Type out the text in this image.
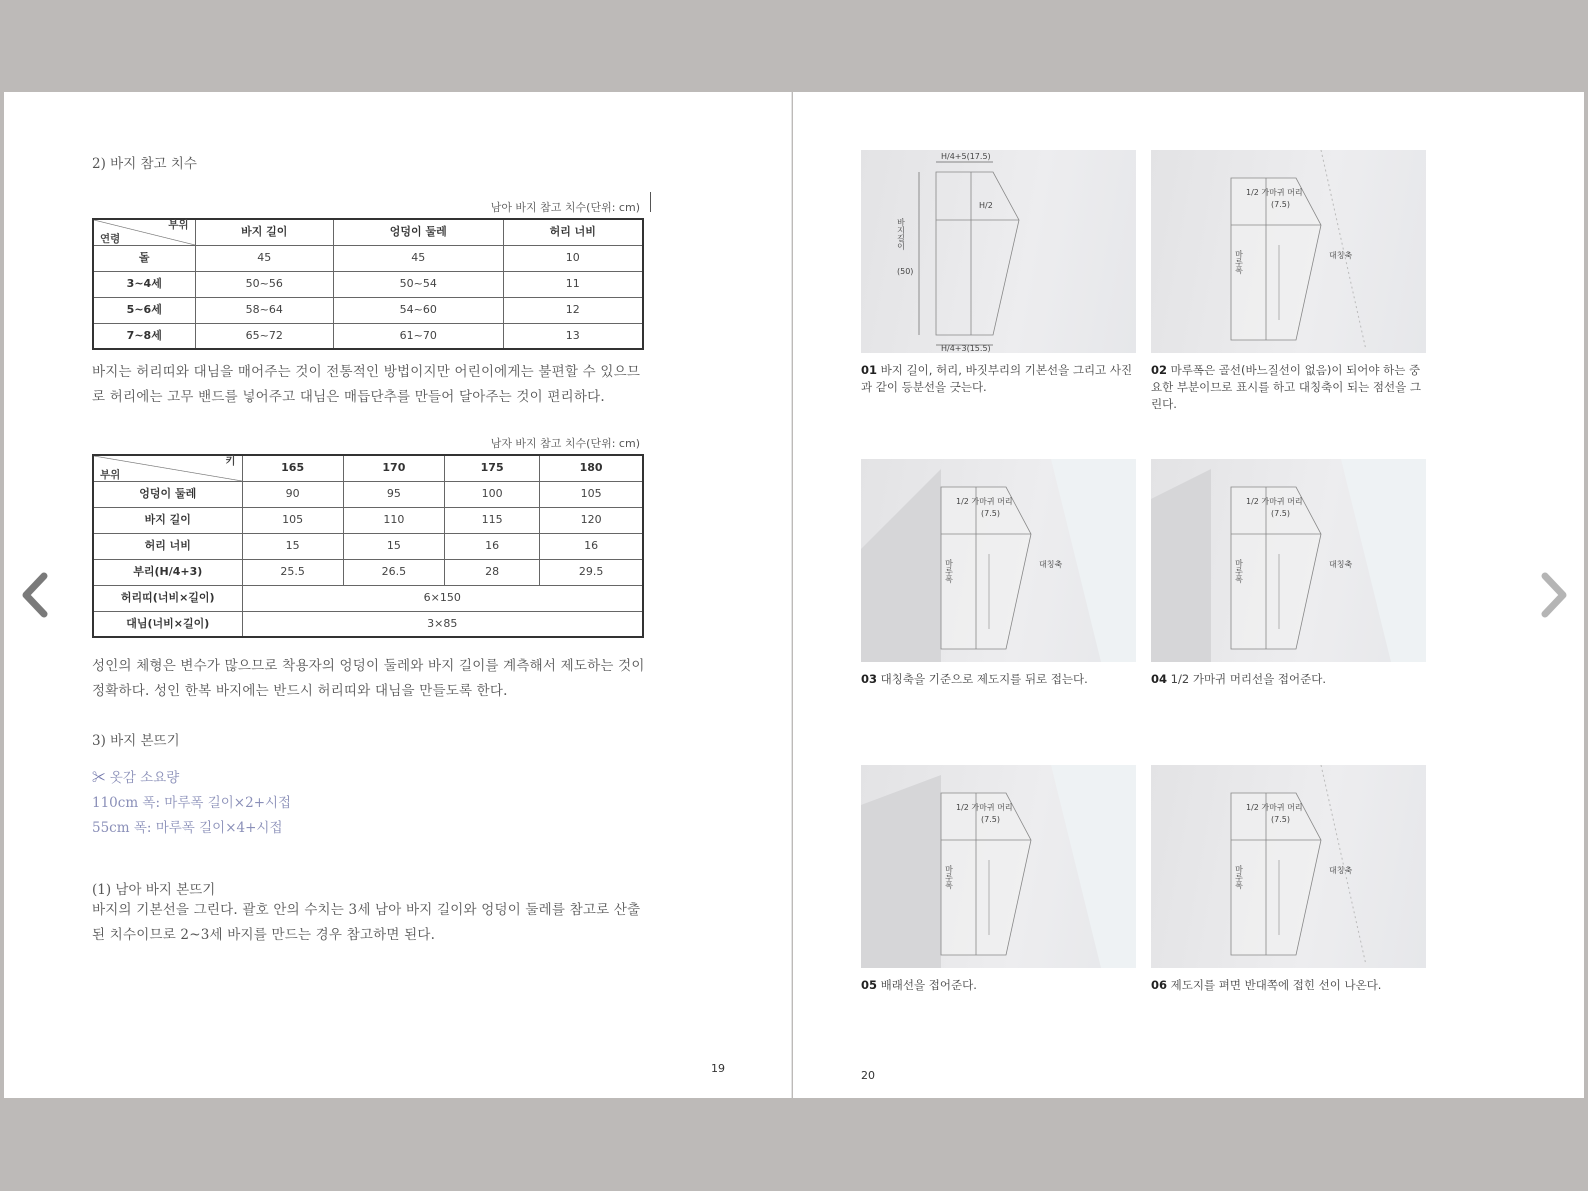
2) 바지 참고 치수
남아 바지 참고 치수(단위: cm)
부위
연령	바지 길이	엉덩이 둘레	허리 너비
돌	45	45	10
3~4세	50~56	50~54	11
5~6세	58~64	54~60	12
7~8세	65~72	61~70	13
바지는 허리띠와 대님을 매어주는 것이 전통적인 방법이지만 어린이에게는 불편할 수 있으므로 허리에는 고무 밴드를 넣어주고 대님은 매듭단추를 만들어 달아주는 것이 편리하다.
남자 바지 참고 치수(단위: cm)
키
부위	165	170	175	180
엉덩이 둘레	90	95	100	105
바지 길이	105	110	115	120
허리 너비	15	15	16	16
부리(H/4+3)	25.5	26.5	28	29.5
허리띠(너비×길이)	6×150			
대님(너비×길이)	3×85			
성인의 체형은 변수가 많으므로 착용자의 엉덩이 둘레와 바지 길이를 계측해서 제도하는 것이 정확하다. 성인 한복 바지에는 반드시 허리띠와 대님을 만들도록 한다.
3) 바지 본뜨기
✂ 옷감 소요량
110cm 폭: 마루폭 길이×2+시접
55cm 폭: 마루폭 길이×4+시접
(1) 남아 바지 본뜨기
바지의 기본선을 그린다. 괄호 안의 수치는 3세 남아 바지 길이와 엉덩이 둘레를 참고로 산출된 치수이므로 2~3세 바지를 만드는 경우 참고하면 된다.
19
H/4+5(17.5)
H/2
바지길이
(50)
H/4+3(15.5)
01 바지 길이, 허리, 바짓부리의 기본선을 그리고 사진과 같이 등분선을 긋는다.
1/2 가마귀 머리
(7.5)
마루폭	대칭축
02 마루폭은 골선(바느질선이 없음)이 되어야 하는 중요한 부분이므로 표시를 하고 대칭축이 되는 점선을 그린다.
1/2 가마귀 머리
(7.5)
마루폭	대칭축
03 대칭축을 기준으로 제도지를 뒤로 접는다.
1/2 가마귀 머리
(7.5)
마루폭	대칭축
04 1/2 가마귀 머리선을 접어준다.
1/2 가마귀 머리
(7.5)
마루폭
05 배래선을 접어준다.
1/2 가마귀 머리
(7.5)
마루폭	대칭축
06 제도지를 펴면 반대쪽에 접힌 선이 나온다.
20
